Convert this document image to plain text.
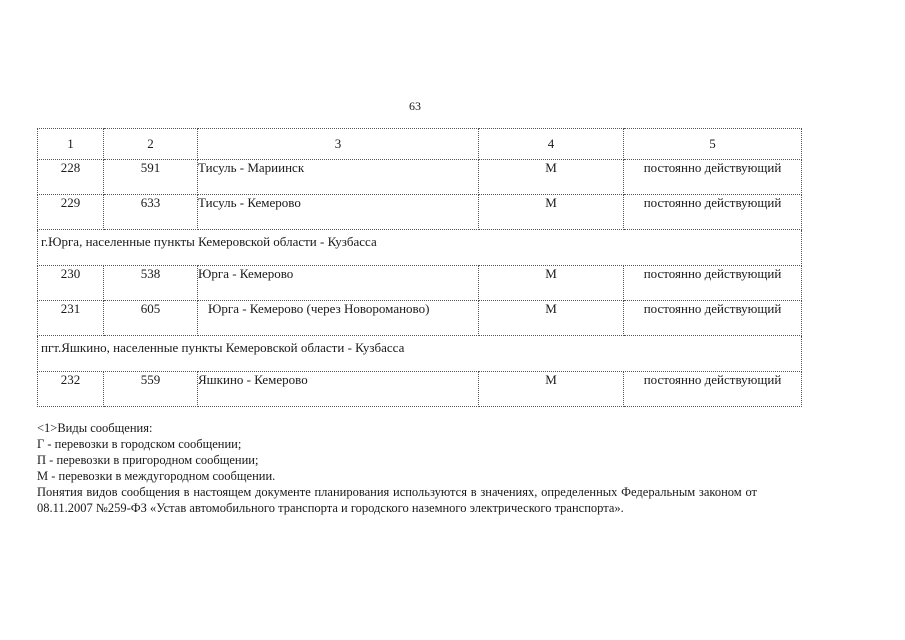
63
1	2	3	4	5
228	591	Тисуль - Мариинск	М	постоянно действующий
229	633	Тисуль - Кемерово	М	постоянно действующий
г.Юрга, населенные пункты Кемеровской области - Кузбасса				
230	538	Юрга - Кемерово	М	постоянно действующий
231	605	Юрга - Кемерово (через Новороманово)	М	постоянно действующий
пгт.Яшкино, населенные пункты Кемеровской области - Кузбасса				
232	559	Яшкино - Кемерово	М	постоянно действующий

<1>Виды сообщения:

Г - перевозки в городском сообщении;

П - перевозки в пригородном сообщении;

М - перевозки в междугородном сообщении.

Понятия видов сообщения в настоящем документе планирования используются в значениях, определенных Федеральным законом от 08.11.2007 №259-ФЗ «Устав автомобильного транспорта и городского наземного электрического транспорта».
